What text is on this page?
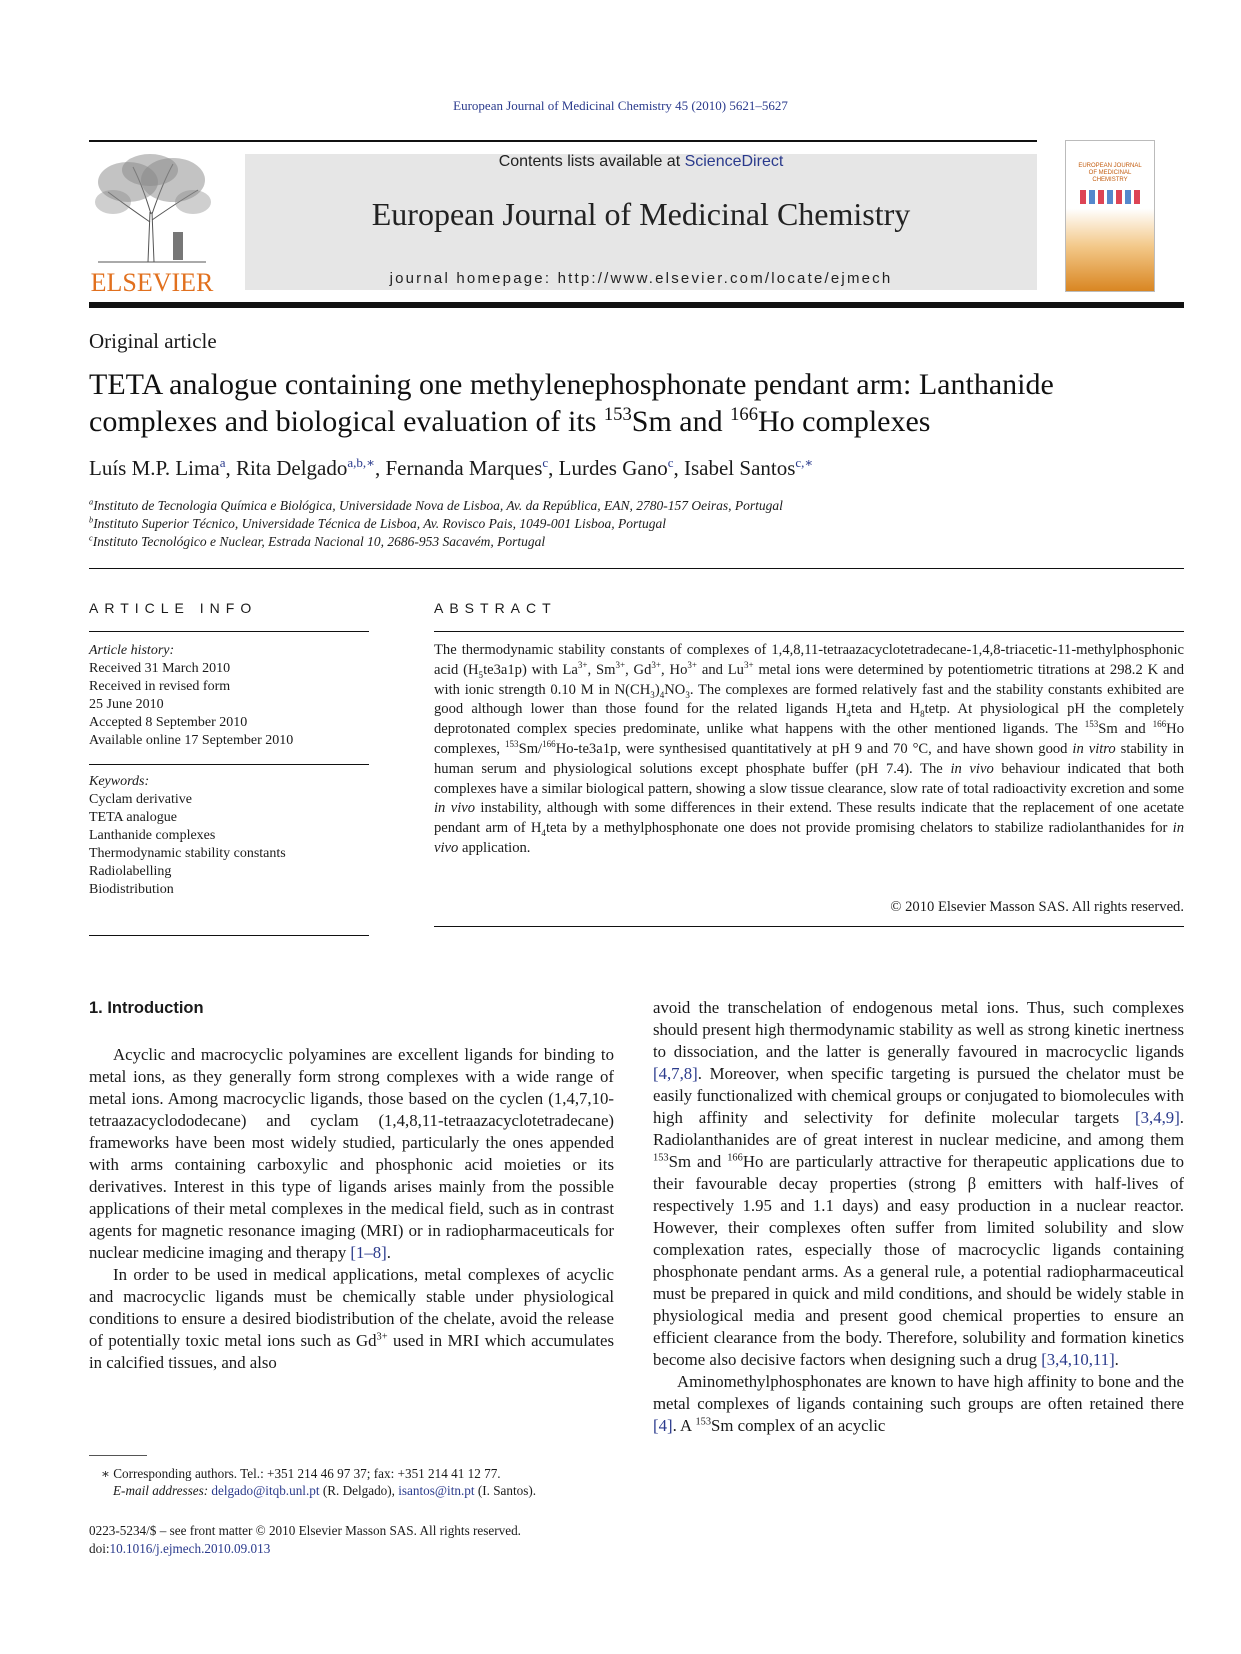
European Journal of Medicinal Chemistry 45 (2010) 5621–5627
ELSEVIER
Contents lists available at ScienceDirect
European Journal of Medicinal Chemistry
journal homepage: http://www.elsevier.com/locate/ejmech
EUROPEAN JOURNAL OF MEDICINAL CHEMISTRY
Original article
TETA analogue containing one methylenephosphonate pendant arm: Lanthanide complexes and biological evaluation of its $^{153}$Sm and $^{166}$Ho complexes
Luís M.P. Lima$^a$, Rita Delgado$^{a,b,∗}$, Fernanda Marques$^c$, Lurdes Gano$^c$, Isabel Santos$^{c,∗}$
$^a$Instituto de Tecnologia Química e Biológica, Universidade Nova de Lisboa, Av. da República, EAN, 2780-157 Oeiras, Portugal
$^b$Instituto Superior Técnico, Universidade Técnica de Lisboa, Av. Rovisco Pais, 1049-001 Lisboa, Portugal
$^c$Instituto Tecnológico e Nuclear, Estrada Nacional 10, 2686-953 Sacavém, Portugal
ARTICLE INFO
Article history:
Received 31 March 2010
Received in revised form
25 June 2010
Accepted 8 September 2010
Available online 17 September 2010
Keywords:
Cyclam derivative
TETA analogue
Lanthanide complexes
Thermodynamic stability constants
Radiolabelling
Biodistribution
ABSTRACT
The thermodynamic stability constants of complexes of 1,4,8,11-tetraazacyclotetradecane-1,4,8-triacetic-11-methylphosphonic acid $(H_5te3a1p)$ with $La^{3+}$, $Sm^{3+}$, $Gd^{3+}$, $Ho^{3+}$ and $Lu^{3+}$ metal ions were determined by potentiometric titrations at 298.2 K and with ionic strength 0.10 M in $N(CH_3)_4NO_3$. The complexes are formed relatively fast and the stability constants exhibited are good although lower than those found for the related ligands $H_4teta$ and $H_8tetp$. At physiological pH the completely deprotonated complex species predominate, unlike what happens with the other mentioned ligands. The $^{153}$Sm and $^{166}$Ho complexes, $^{153}$Sm/$^{166}$Ho-te3a1p, were synthesised quantitatively at pH 9 and 70 °C, and have shown good in vitro stability in human serum and physiological solutions except phosphate buffer (pH 7.4). The in vivo behaviour indicated that both complexes have a similar biological pattern, showing a slow tissue clearance, slow rate of total radioactivity excretion and some in vivo instability, although with some differences in their extend. These results indicate that the replacement of one acetate pendant arm of $H_4teta$ by a methylphosphonate one does not provide promising chelators to stabilize radiolanthanides for in vivo application.
© 2010 Elsevier Masson SAS. All rights reserved.
1. Introduction

Acyclic and macrocyclic polyamines are excellent ligands for binding to metal ions, as they generally form strong complexes with a wide range of metal ions. Among macrocyclic ligands, those based on the cyclen (1,4,7,10-tetraazacyclododecane) and cyclam (1,4,8,11-tetraazacyclotetradecane) frameworks have been most widely studied, particularly the ones appended with arms containing carboxylic and phosphonic acid moieties or its derivatives. Interest in this type of ligands arises mainly from the possible applications of their metal complexes in the medical field, such as in contrast agents for magnetic resonance imaging (MRI) or in radiopharmaceuticals for nuclear medicine imaging and therapy [1–8].

In order to be used in medical applications, metal complexes of acyclic and macrocyclic ligands must be chemically stable under physiological conditions to ensure a desired biodistribution of the chelate, avoid the release of potentially toxic metal ions such as $Gd^{3+}$ used in MRI which accumulates in calcified tissues, and also

avoid the transchelation of endogenous metal ions. Thus, such complexes should present high thermodynamic stability as well as strong kinetic inertness to dissociation, and the latter is generally favoured in macrocyclic ligands [4,7,8]. Moreover, when specific targeting is pursued the chelator must be easily functionalized with chemical groups or conjugated to biomolecules with high affinity and selectivity for definite molecular targets [3,4,9]. Radiolanthanides are of great interest in nuclear medicine, and among them $^{153}$Sm and $^{166}$Ho are particularly attractive for therapeutic applications due to their favourable decay properties (strong β emitters with half-lives of respectively 1.95 and 1.1 days) and easy production in a nuclear reactor. However, their complexes often suffer from limited solubility and slow complexation rates, especially those of macrocyclic ligands containing phosphonate pendant arms. As a general rule, a potential radiopharmaceutical must be prepared in quick and mild conditions, and should be widely stable in physiological media and present good chemical properties to ensure an efficient clearance from the body. Therefore, solubility and formation kinetics become also decisive factors when designing such a drug [3,4,10,11].

Aminomethylphosphonates are known to have high affinity to bone and the metal complexes of ligands containing such groups are often retained there [4]. A $^{153}$Sm complex of an acyclic

∗ Corresponding authors. Tel.: +351 214 46 97 37; fax: +351 214 41 12 77.
E-mail addresses: delgado@itqb.unl.pt (R. Delgado), isantos@itn.pt (I. Santos).
0223-5234/$ – see front matter © 2010 Elsevier Masson SAS. All rights reserved.
doi:10.1016/j.ejmech.2010.09.013
